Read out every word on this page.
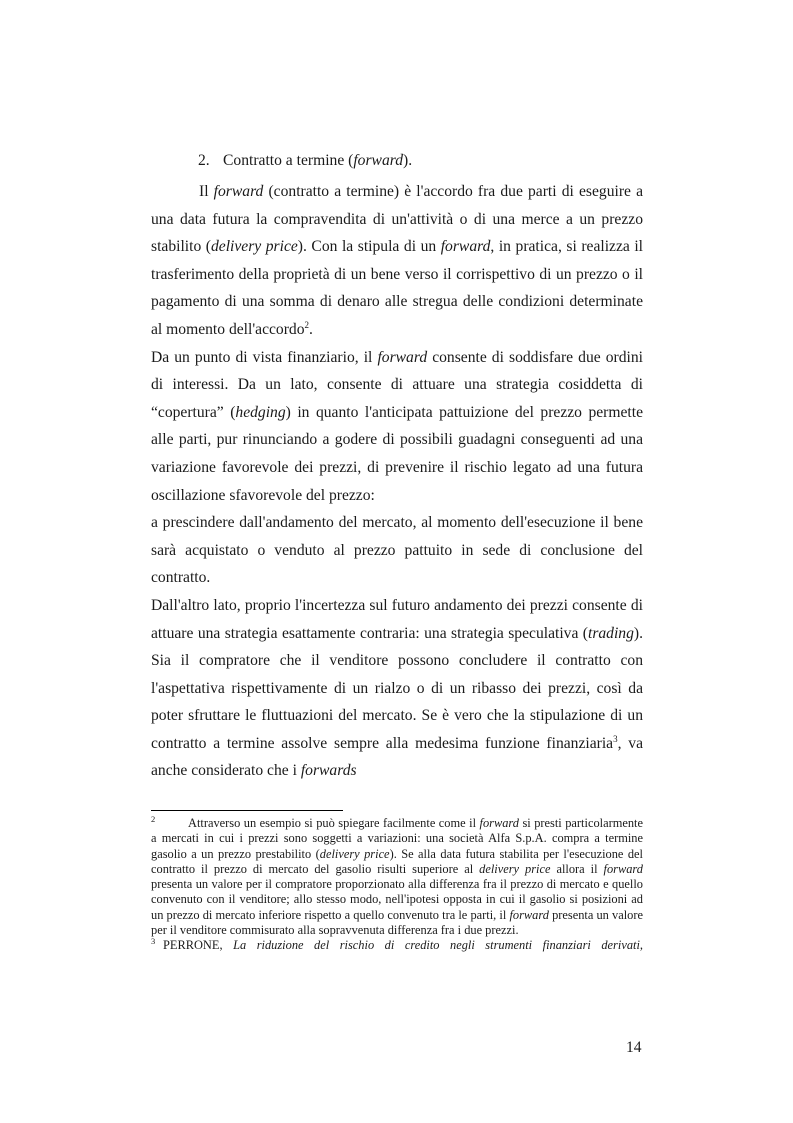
2. Contratto a termine (forward).

Il forward (contratto a termine) è l'accordo fra due parti di eseguire a una data futura la compravendita di un'attività o di una merce a un prezzo stabilito (delivery price). Con la stipula di un forward, in pratica, si realizza il trasferimento della proprietà di un bene verso il corrispettivo di un prezzo o il pagamento di una somma di denaro alle stregua delle condizioni determinate al momento dell'accordo$^2$.

Da un punto di vista finanziario, il forward consente di soddisfare due ordini di interessi. Da un lato, consente di attuare una strategia cosiddetta di “copertura” (hedging) in quanto l'anticipata pattuizione del prezzo permette alle parti, pur rinunciando a godere di possibili guadagni conseguenti ad una variazione favorevole dei prezzi, di prevenire il rischio legato ad una futura oscillazione sfavorevole del prezzo:

a prescindere dall'andamento del mercato, al momento dell'esecuzione il bene sarà acquistato o venduto al prezzo pattuito in sede di conclusione del contratto.

Dall'altro lato, proprio l'incertezza sul futuro andamento dei prezzi consente di attuare una strategia esattamente contraria: una strategia speculativa (trading). Sia il compratore che il venditore possono concludere il contratto con l'aspettativa rispettivamente di un rialzo o di un ribasso dei prezzi, così da poter sfruttare le fluttuazioni del mercato. Se è vero che la stipulazione di un contratto a termine assolve sempre alla medesima funzione finanziaria$^3$, va anche considerato che i forwards

2	Attraverso un esempio si può spiegare facilmente come il forward si presti particolarmente a mercati in cui i prezzi sono soggetti a variazioni: una società Alfa S.p.A. compra a termine gasolio a un prezzo prestabilito (delivery price). Se alla data futura stabilita per l'esecuzione del contratto il prezzo di mercato del gasolio risulti superiore al delivery price allora il forward presenta un valore per il compratore proporzionato alla differenza fra il prezzo di mercato e quello convenuto con il venditore; allo stesso modo, nell'ipotesi opposta in cui il gasolio si posizioni ad un prezzo di mercato inferiore rispetto a quello convenuto tra le parti, il forward presenta un valore per il venditore commisurato alla sopravvenuta differenza fra i due prezzi.

3 PERRONE, La riduzione del rischio di credito negli strumenti finanziari derivati,

14
